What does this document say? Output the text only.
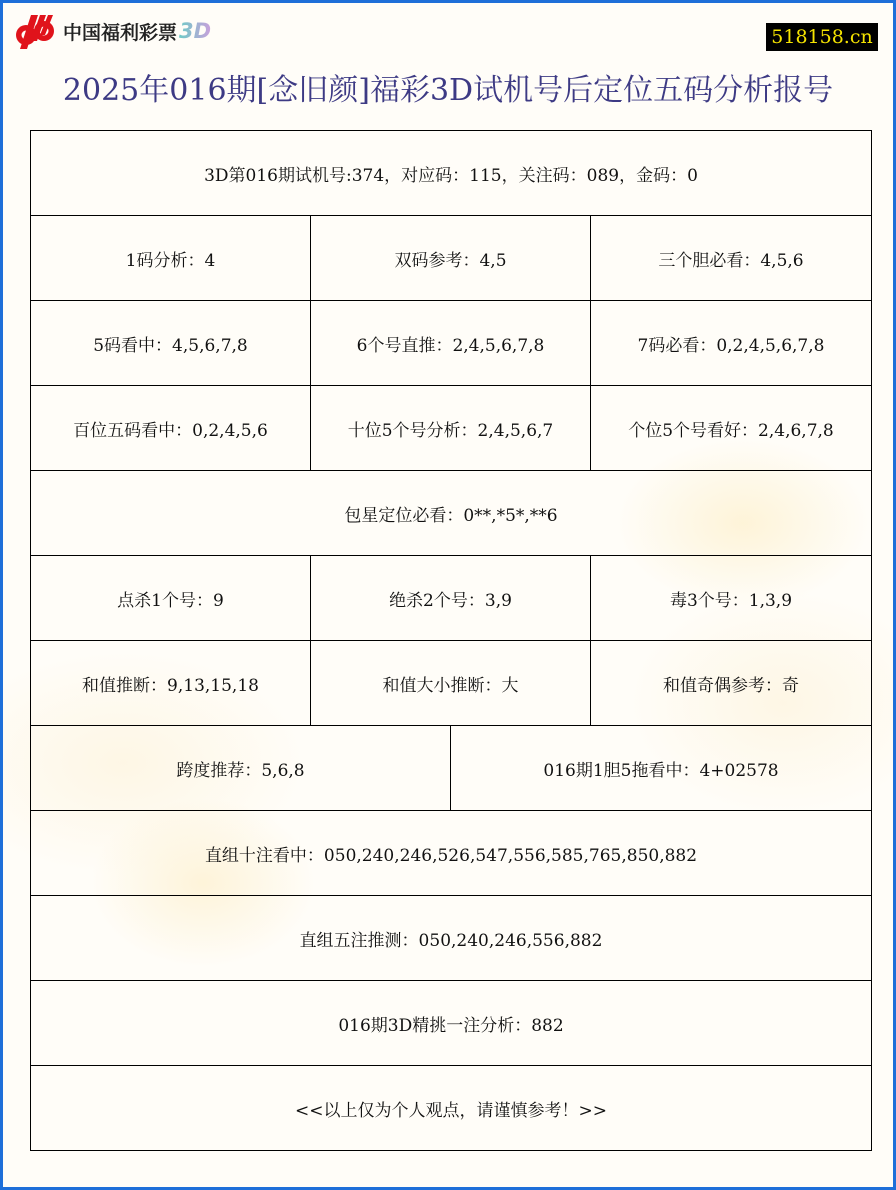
中国福利彩票 3D	518158.cn
2025年016期[念旧颜]福彩3D试机号后定位五码分析报号
3D第016期试机号:374，对应码：115，关注码：089，金码：0
1码分析：4	双码参考：4,5	三个胆必看：4,5,6
5码看中：4,5,6,7,8	6个号直推：2,4,5,6,7,8	7码必看：0,2,4,5,6,7,8
百位五码看中：0,2,4,5,6	十位5个号分析：2,4,5,6,7	个位5个号看好：2,4,6,7,8
包星定位必看：0**,*5*,**6
点杀1个号：9	绝杀2个号：3,9	毒3个号：1,3,9
和值推断：9,13,15,18	和值大小推断：大	和值奇偶参考：奇
跨度推荐：5,6,8	016期1胆5拖看中：4+02578
直组十注看中：050,240,246,526,547,556,585,765,850,882
直组五注推测：050,240,246,556,882
016期3D精挑一注分析：882
<<以上仅为个人观点，请谨慎参考！>>
